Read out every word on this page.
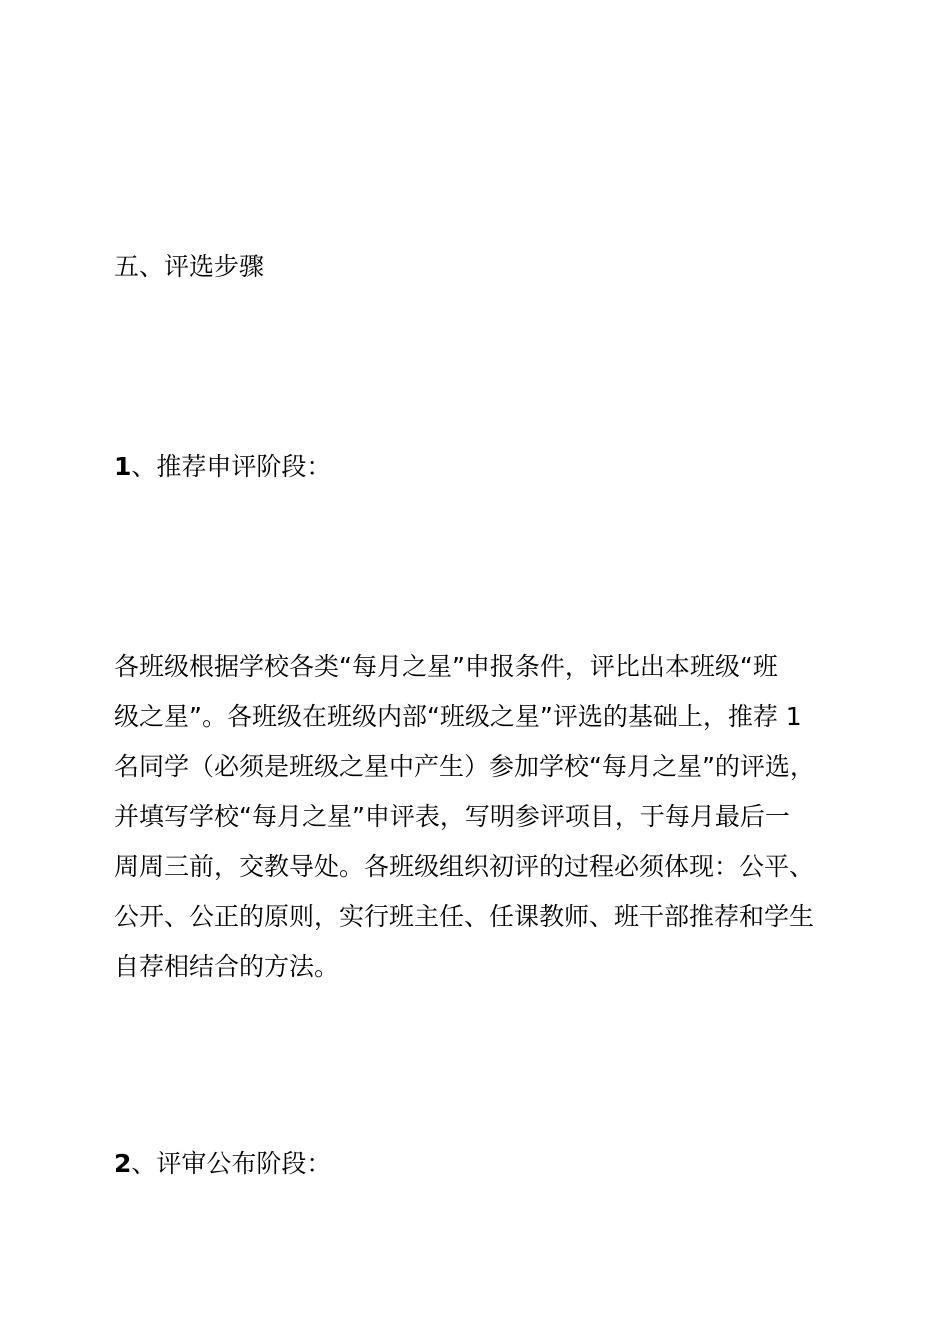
五、评选步骤
1、推荐申评阶段：
各班级根据学校各类“每月之星”申报条件，评比出本班级“班
级之星”。各班级在班级内部“班级之星”评选的基础上，推荐 1
名同学（必须是班级之星中产生）参加学校“每月之星”的评选，
并填写学校“每月之星”申评表，写明参评项目，于每月最后一
周周三前，交教导处。各班级组织初评的过程必须体现：公平、
公开、公正的原则，实行班主任、任课教师、班干部推荐和学生
自荐相结合的方法。
2、评审公布阶段：
